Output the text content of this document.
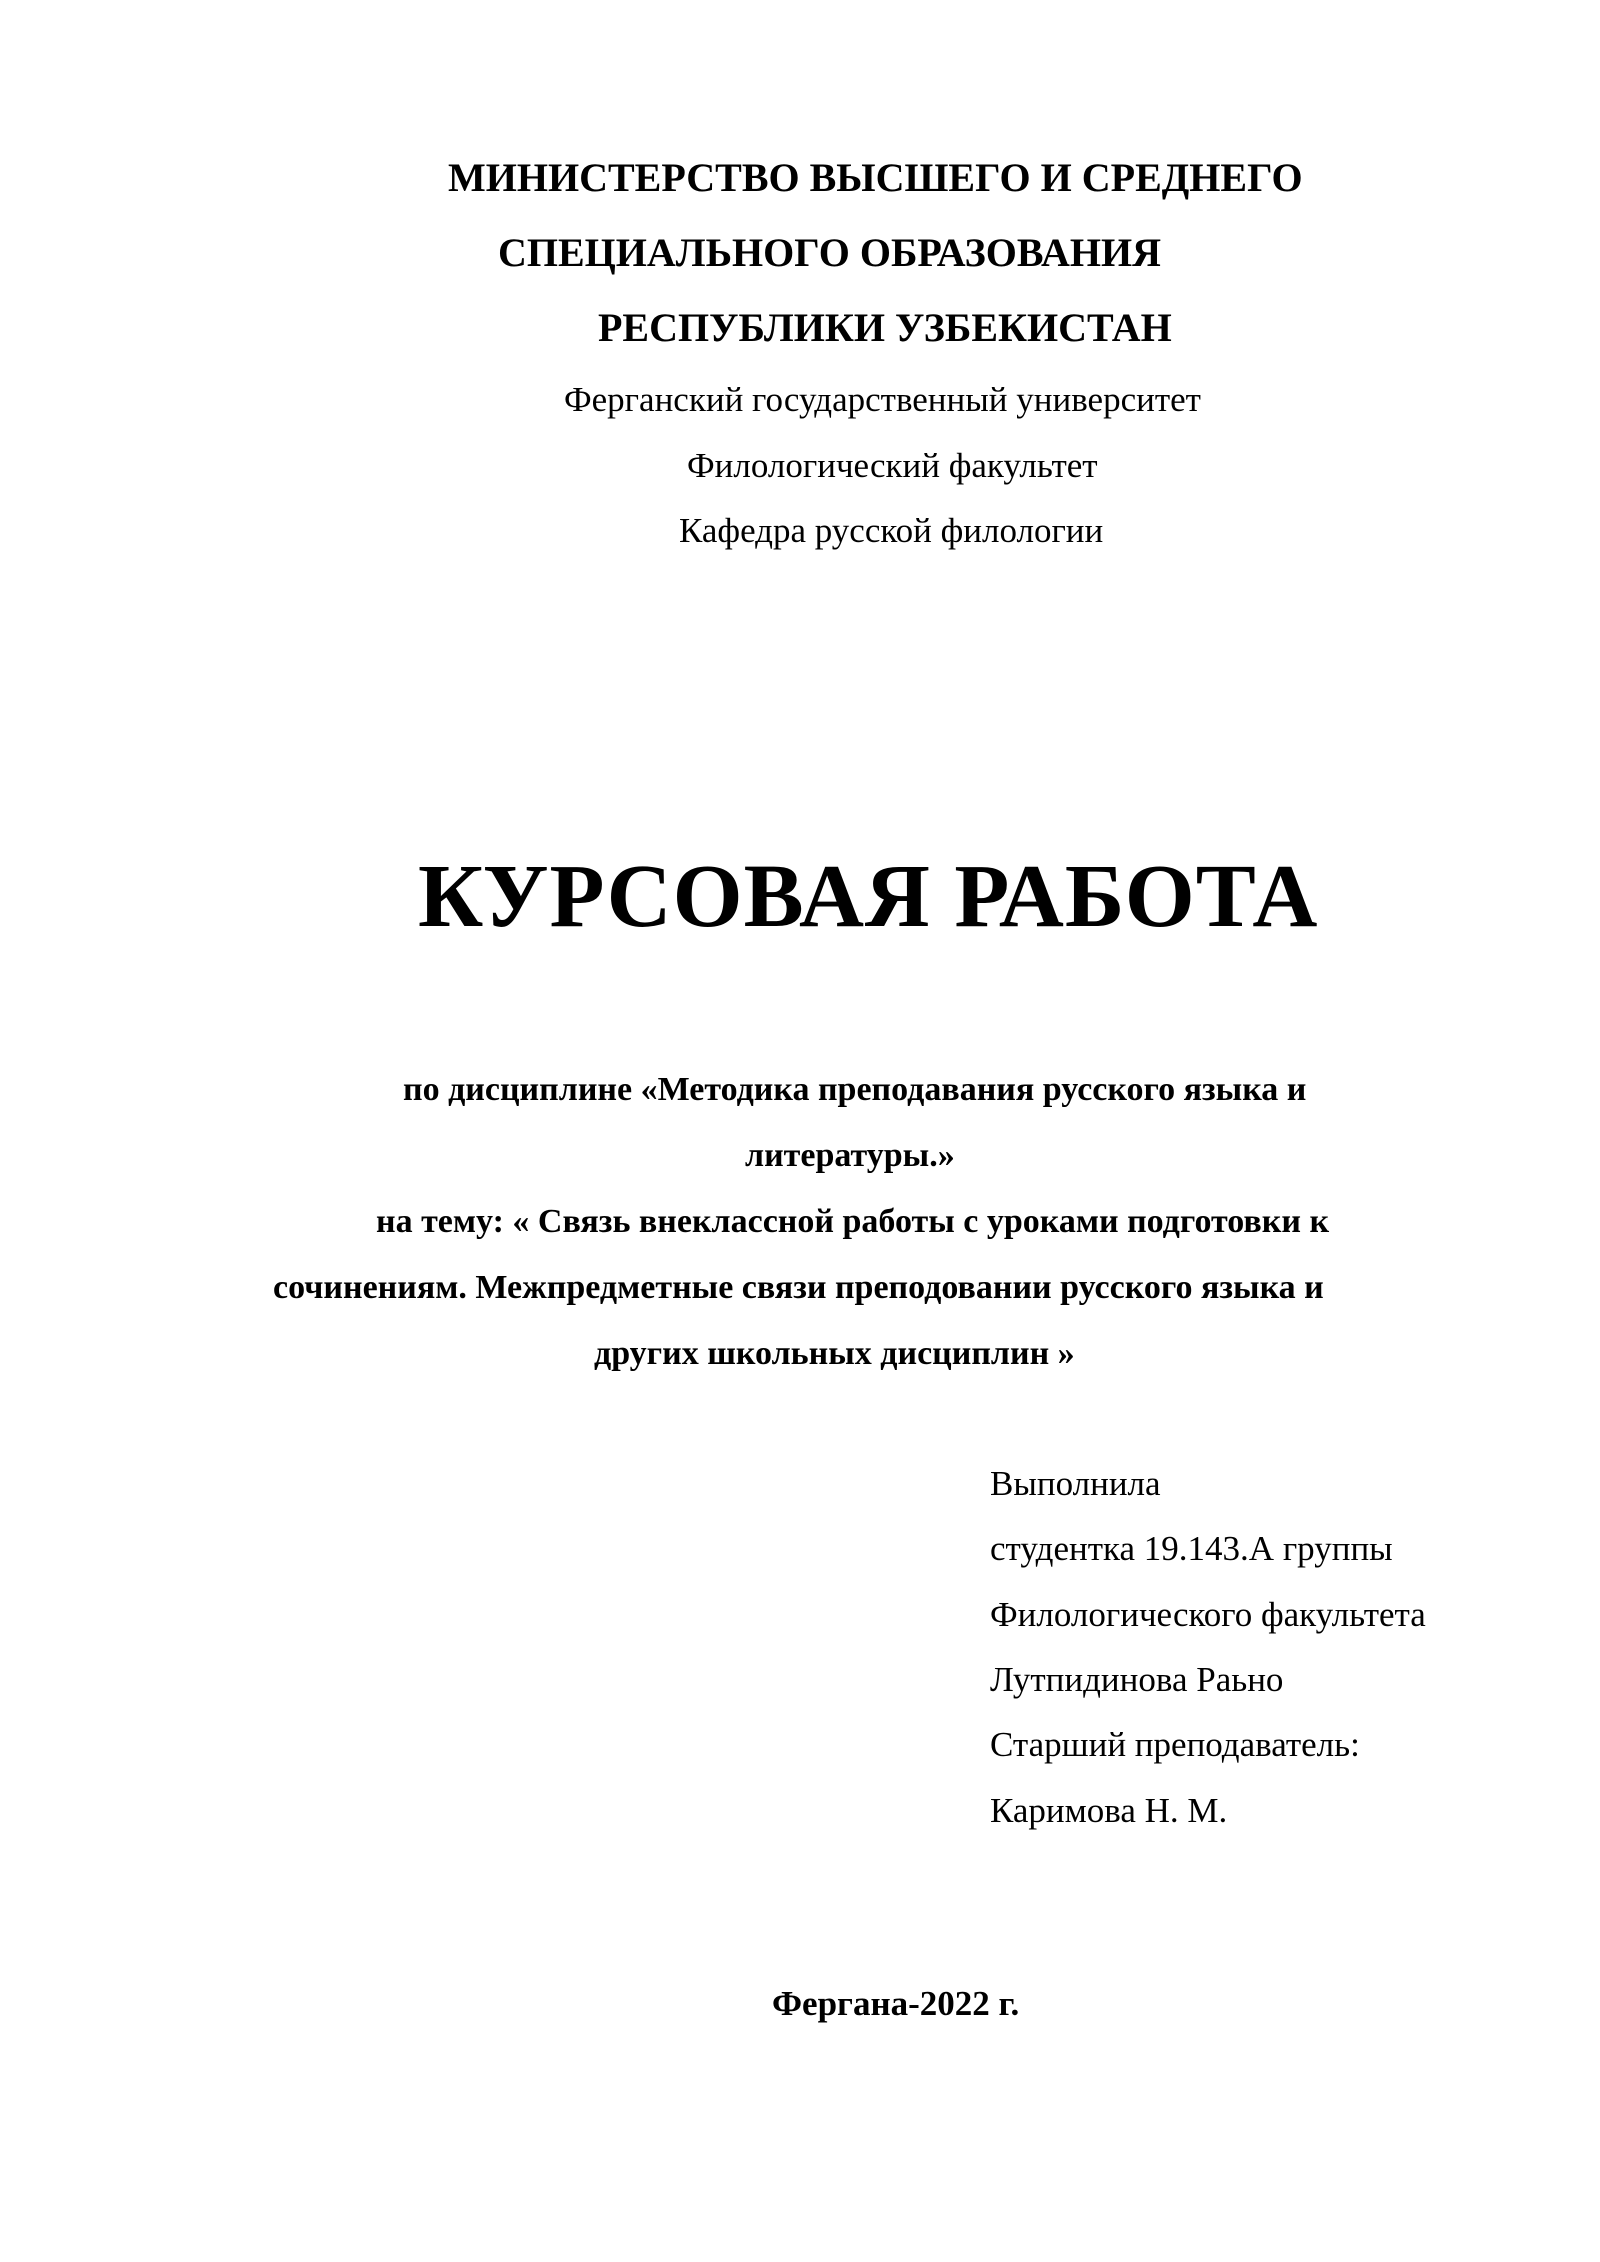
МИНИСТЕРСТВО ВЫСШЕГО И СРЕДНЕГО
СПЕЦИАЛЬНОГО ОБРАЗОВАНИЯ
РЕСПУБЛИКИ УЗБЕКИСТАН
Ферганский государственный университет
Филологический факультет
Кафедра русской филологии
КУРСОВАЯ РАБОТА
по дисциплине «Методика преподавания русского языка и
литературы.»
на тему: « Связь внеклассной работы с уроками подготовки к
сочинениям. Межпредметные связи преподовании русского языка и
других школьных дисциплин »
Выполнила
студентка 19.143.А группы
Филологического факультета
Лутпидинова Раьно
Старший преподаватель:
Каримова Н. М.
Фергана-2022 г.
